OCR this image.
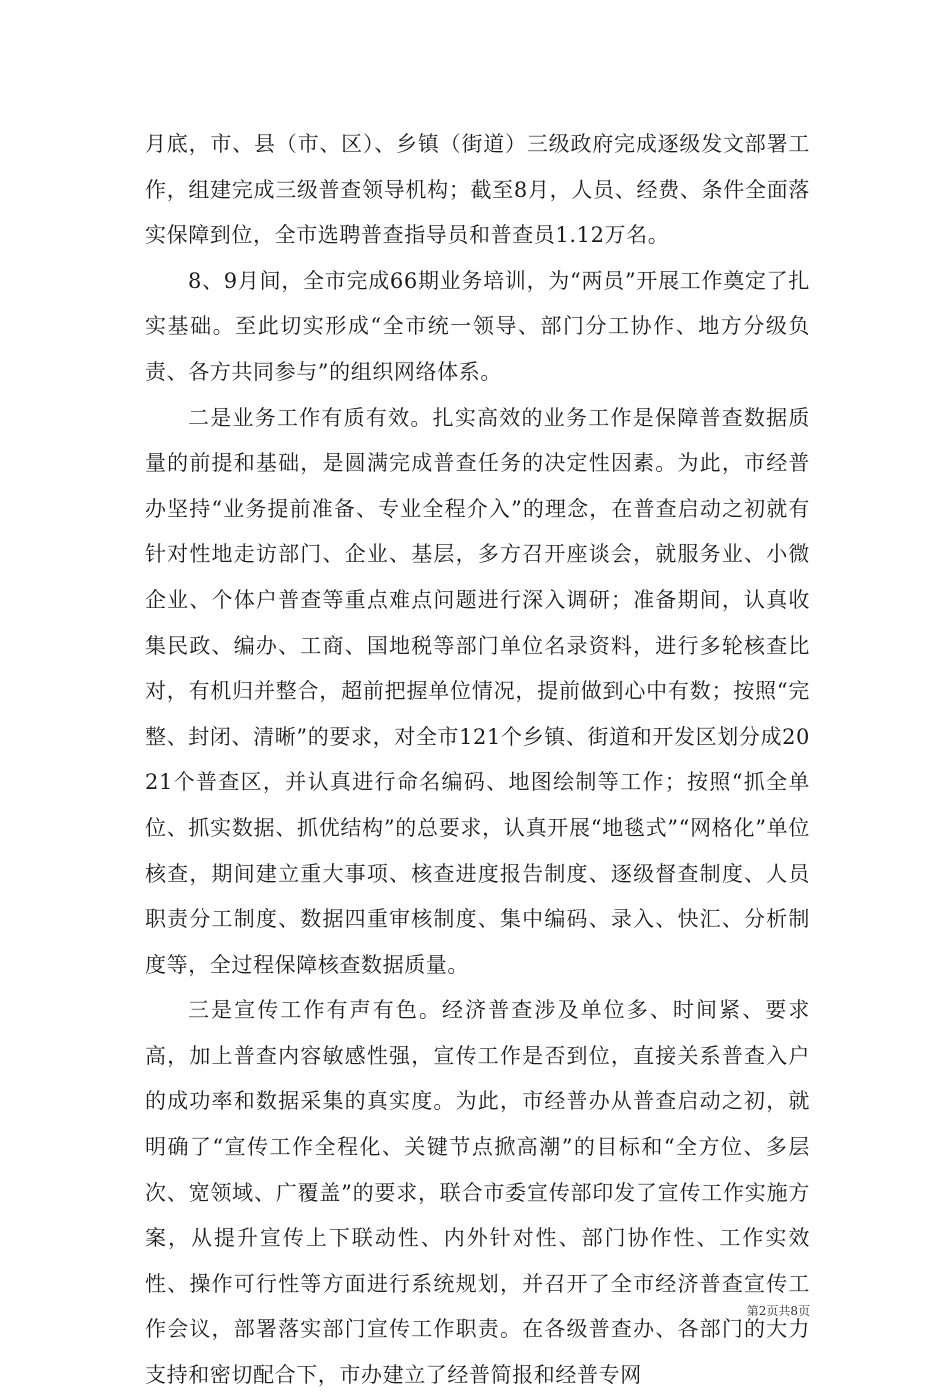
月底，市、县（市、区）、乡镇（街道）三级政府完成逐级发文部署工作，组建完成三级普查领导机构；截至8月，人员、经费、条件全面落实保障到位，全市选聘普查指导员和普查员1.12万名。

8、9月间，全市完成66期业务培训，为“两员”开展工作奠定了扎实基础。至此切实形成“全市统一领导、部门分工协作、地方分级负责、各方共同参与”的组织网络体系。

二是业务工作有质有效。扎实高效的业务工作是保障普查数据质量的前提和基础，是圆满完成普查任务的决定性因素。为此，市经普办坚持“业务提前准备、专业全程介入”的理念，在普查启动之初就有针对性地走访部门、企业、基层，多方召开座谈会，就服务业、小微企业、个体户普查等重点难点问题进行深入调研；准备期间，认真收集民政、编办、工商、国地税等部门单位名录资料，进行多轮核查比对，有机归并整合，超前把握单位情况，提前做到心中有数；按照“完整、封闭、清晰”的要求，对全市121个乡镇、街道和开发区划分成2021个普查区，并认真进行命名编码、地图绘制等工作；按照“抓全单位、抓实数据、抓优结构”的总要求，认真开展“地毯式”“网格化”单位核查，期间建立重大事项、核查进度报告制度、逐级督查制度、人员职责分工制度、数据四重审核制度、集中编码、录入、快汇、分析制度等，全过程保障核查数据质量。

三是宣传工作有声有色。经济普查涉及单位多、时间紧、要求高，加上普查内容敏感性强，宣传工作是否到位，直接关系普查入户的成功率和数据采集的真实度。为此，市经普办从普查启动之初，就明确了“宣传工作全程化、关键节点掀高潮”的目标和“全方位、多层次、宽领域、广覆盖”的要求，联合市委宣传部印发了宣传工作实施方案，从提升宣传上下联动性、内外针对性、部门协作性、工作实效性、操作可行性等方面进行系统规划，并召开了全市经济普查宣传工作会议，部署落实部门宣传工作职责。在各级普查办、各部门的大力支持和密切配合下，市办建立了经普简报和经普专网

第2页共8页
